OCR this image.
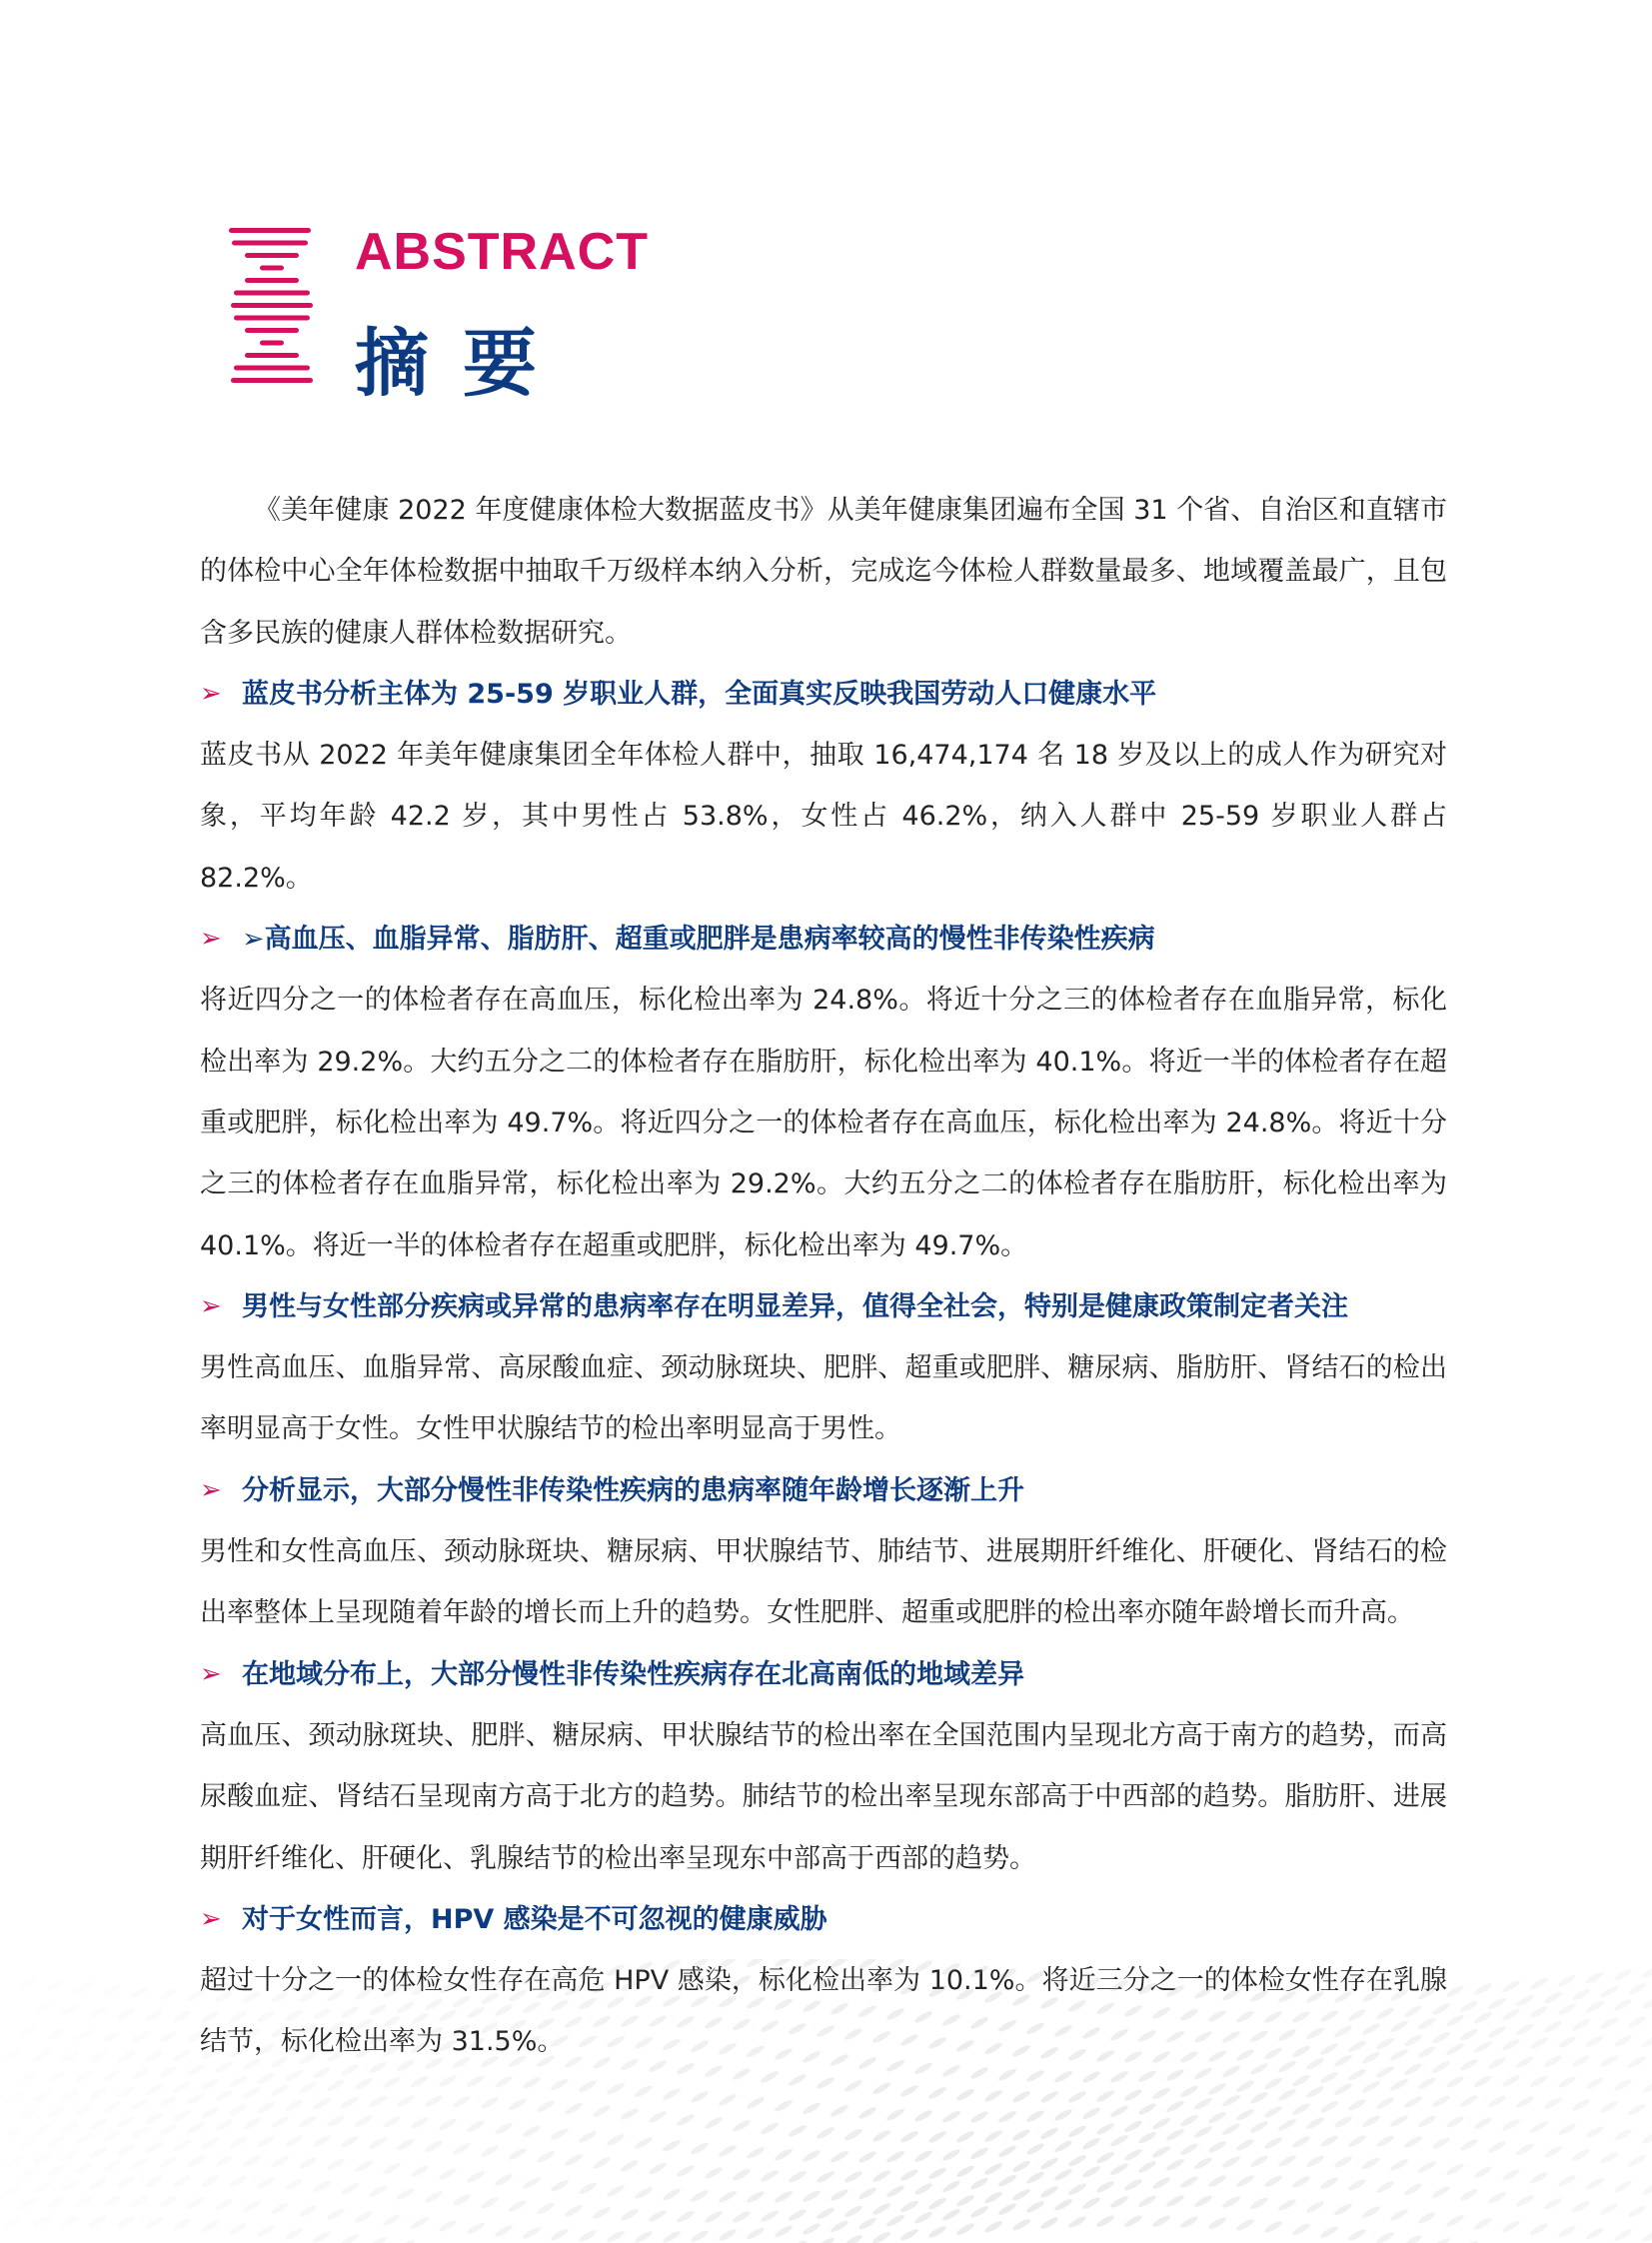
ABSTRACT
摘要

《美年健康 2022 年度健康体检大数据蓝皮书》从美年健康集团遍布全国 31 个省、自治区和直辖市的体检中心全年体检数据中抽取千万级样本纳入分析，完成迄今体检人群数量最多、地域覆盖最广，且包含多民族的健康人群体检数据研究。

➢ 蓝皮书分析主体为 25-59 岁职业人群，全面真实反映我国劳动人口健康水平

蓝皮书从 2022 年美年健康集团全年体检人群中，抽取 16,474,174 名 18 岁及以上的成人作为研究对象，平均年龄 42.2 岁，其中男性占 53.8%，女性占 46.2%，纳入人群中 25-59 岁职业人群占 82.2%。

➢ ➢高血压、血脂异常、脂肪肝、超重或肥胖是患病率较高的慢性非传染性疾病

将近四分之一的体检者存在高血压，标化检出率为 24.8%。将近十分之三的体检者存在血脂异常，标化检出率为 29.2%。大约五分之二的体检者存在脂肪肝，标化检出率为 40.1%。将近一半的体检者存在超重或肥胖，标化检出率为 49.7%。将近四分之一的体检者存在高血压，标化检出率为 24.8%。将近十分之三的体检者存在血脂异常，标化检出率为 29.2%。大约五分之二的体检者存在脂肪肝，标化检出率为 40.1%。将近一半的体检者存在超重或肥胖，标化检出率为 49.7%。

➢ 男性与女性部分疾病或异常的患病率存在明显差异，值得全社会，特别是健康政策制定者关注

男性高血压、血脂异常、高尿酸血症、颈动脉斑块、肥胖、超重或肥胖、糖尿病、脂肪肝、肾结石的检出率明显高于女性。女性甲状腺结节的检出率明显高于男性。

➢ 分析显示，大部分慢性非传染性疾病的患病率随年龄增长逐渐上升

男性和女性高血压、颈动脉斑块、糖尿病、甲状腺结节、肺结节、进展期肝纤维化、肝硬化、肾结石的检出率整体上呈现随着年龄的增长而上升的趋势。女性肥胖、超重或肥胖的检出率亦随年龄增长而升高。

➢ 在地域分布上，大部分慢性非传染性疾病存在北高南低的地域差异

高血压、颈动脉斑块、肥胖、糖尿病、甲状腺结节的检出率在全国范围内呈现北方高于南方的趋势，而高尿酸血症、肾结石呈现南方高于北方的趋势。肺结节的检出率呈现东部高于中西部的趋势。脂肪肝、进展期肝纤维化、肝硬化、乳腺结节的检出率呈现东中部高于西部的趋势。

➢ 对于女性而言，HPV 感染是不可忽视的健康威胁

超过十分之一的体检女性存在高危 HPV 感染，标化检出率为 10.1%。将近三分之一的体检女性存在乳腺结节，标化检出率为 31.5%。
